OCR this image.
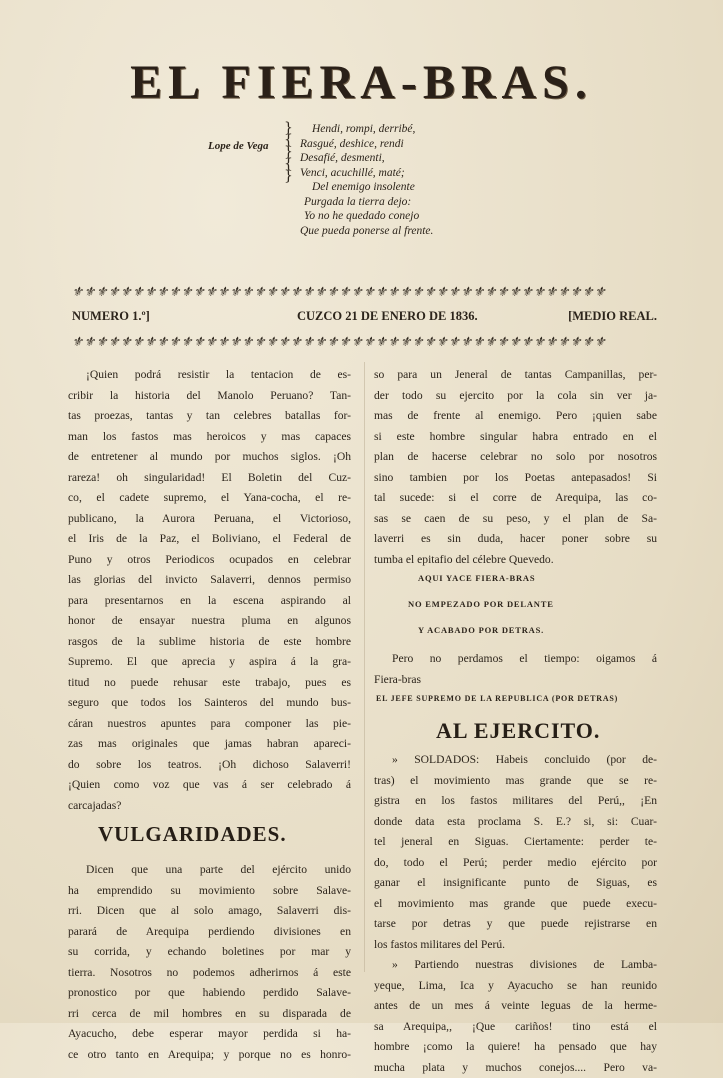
EL FIERA-BRAS.
Lope de Vega
}
{
}
{
}
Hendi, rompi, derribé,
Rasgué, deshice, rendi
Desafié, desmenti,
Venci, acuchillé, maté;
Del enemigo insolente
Purgada la tierra dejo:
Yo no he quedado conejo
Que pueda ponerse al frente.
⚜⚜⚜⚜⚜⚜⚜⚜⚜⚜⚜⚜⚜⚜⚜⚜⚜⚜⚜⚜⚜⚜⚜⚜⚜⚜⚜⚜⚜⚜⚜⚜⚜⚜⚜⚜⚜⚜⚜⚜⚜⚜⚜⚜
NUMERO 1.º]	CUZCO 21 DE ENERO DE 1836.	[MEDIO REAL.
⚜⚜⚜⚜⚜⚜⚜⚜⚜⚜⚜⚜⚜⚜⚜⚜⚜⚜⚜⚜⚜⚜⚜⚜⚜⚜⚜⚜⚜⚜⚜⚜⚜⚜⚜⚜⚜⚜⚜⚜⚜⚜⚜⚜
¡Quien podrá resistir la tentacion de es-
cribir la historia del Manolo Peruano? Tan-
tas proezas, tantas y tan celebres batallas for-
man los fastos mas heroicos y mas capaces
de entretener al mundo por muchos siglos. ¡Oh
rareza! oh singularidad! El Boletin del Cuz-
co, el cadete supremo, el Yana-cocha, el re-
publicano, la Aurora Peruana, el Victorioso,
el Iris de la Paz, el Boliviano, el Federal de
Puno y otros Periodicos ocupados en celebrar
las glorias del invicto Salaverri, dennos permiso
para presentarnos en la escena aspirando al
honor de ensayar nuestra pluma en algunos
rasgos de la sublime historia de este hombre
Supremo. El que aprecia y aspira á la gra-
titud no puede rehusar este trabajo, pues es
seguro que todos los Sainteros del mundo bus-
cáran nuestros apuntes para componer las pie-
zas mas originales que jamas habran apareci-
do sobre los teatros. ¡Oh dichoso Salaverri!
¡Quien como voz que vas á ser celebrado á
carcajadas?
VULGARIDADES.
Dicen que una parte del ejército unido
ha emprendido su movimiento sobre Salave-
rri. Dicen que al solo amago, Salaverri dis-
parará de Arequipa perdiendo divisiones en
su corrida, y echando boletines por mar y
tierra. Nosotros no podemos adherirnos á este
pronostico por que habiendo perdido Salave-
rri cerca de mil hombres en su disparada de
Ayacucho, debe esperar mayor perdida si ha-
ce otro tanto en Arequipa; y porque no es honro-
so para un Jeneral de tantas Campanillas, per-
der todo su ejercito por la cola sin ver ja-
mas de frente al enemigo. Pero ¡quien sabe
si este hombre singular habra entrado en el
plan de hacerse celebrar no solo por nosotros
sino tambien por los Poetas antepasados! Si
tal sucede: si el corre de Arequipa, las co-
sas se caen de su peso, y el plan de Sa-
laverri es sin duda, hacer poner sobre su
tumba el epitafio del célebre Quevedo.
AQUI YACE FIERA-BRAS
NO EMPEZADO POR DELANTE
Y ACABADO POR DETRAS.
Pero no perdamos el tiempo: oigamos á
Fiera-bras
EL JEFE SUPREMO DE LA REPUBLICA (POR DETRAS)
AL EJERCITO.
» SOLDADOS: Habeis concluido (por de-
tras) el movimiento mas grande que se re-
gistra en los fastos militares del Perú,, ¡En
donde data esta proclama S. E.? si, si: Cuar-
tel jeneral en Siguas. Ciertamente: perder te-
do, todo el Perú; perder medio ejército por
ganar el insignificante punto de Siguas, es
el movimiento mas grande que puede execu-
tarse por detras y que puede rejistrarse en
los fastos militares del Perú.
» Partiendo nuestras divisiones de Lamba-
yeque, Lima, Ica y Ayacucho se han reunido
antes de un mes á veinte leguas de la herme-
sa Arequipa,, ¡Que cariños! tino está el
hombre ¡como la quiere! ha pensado que hay
mucha plata y muchos conejos.... Pero va-
